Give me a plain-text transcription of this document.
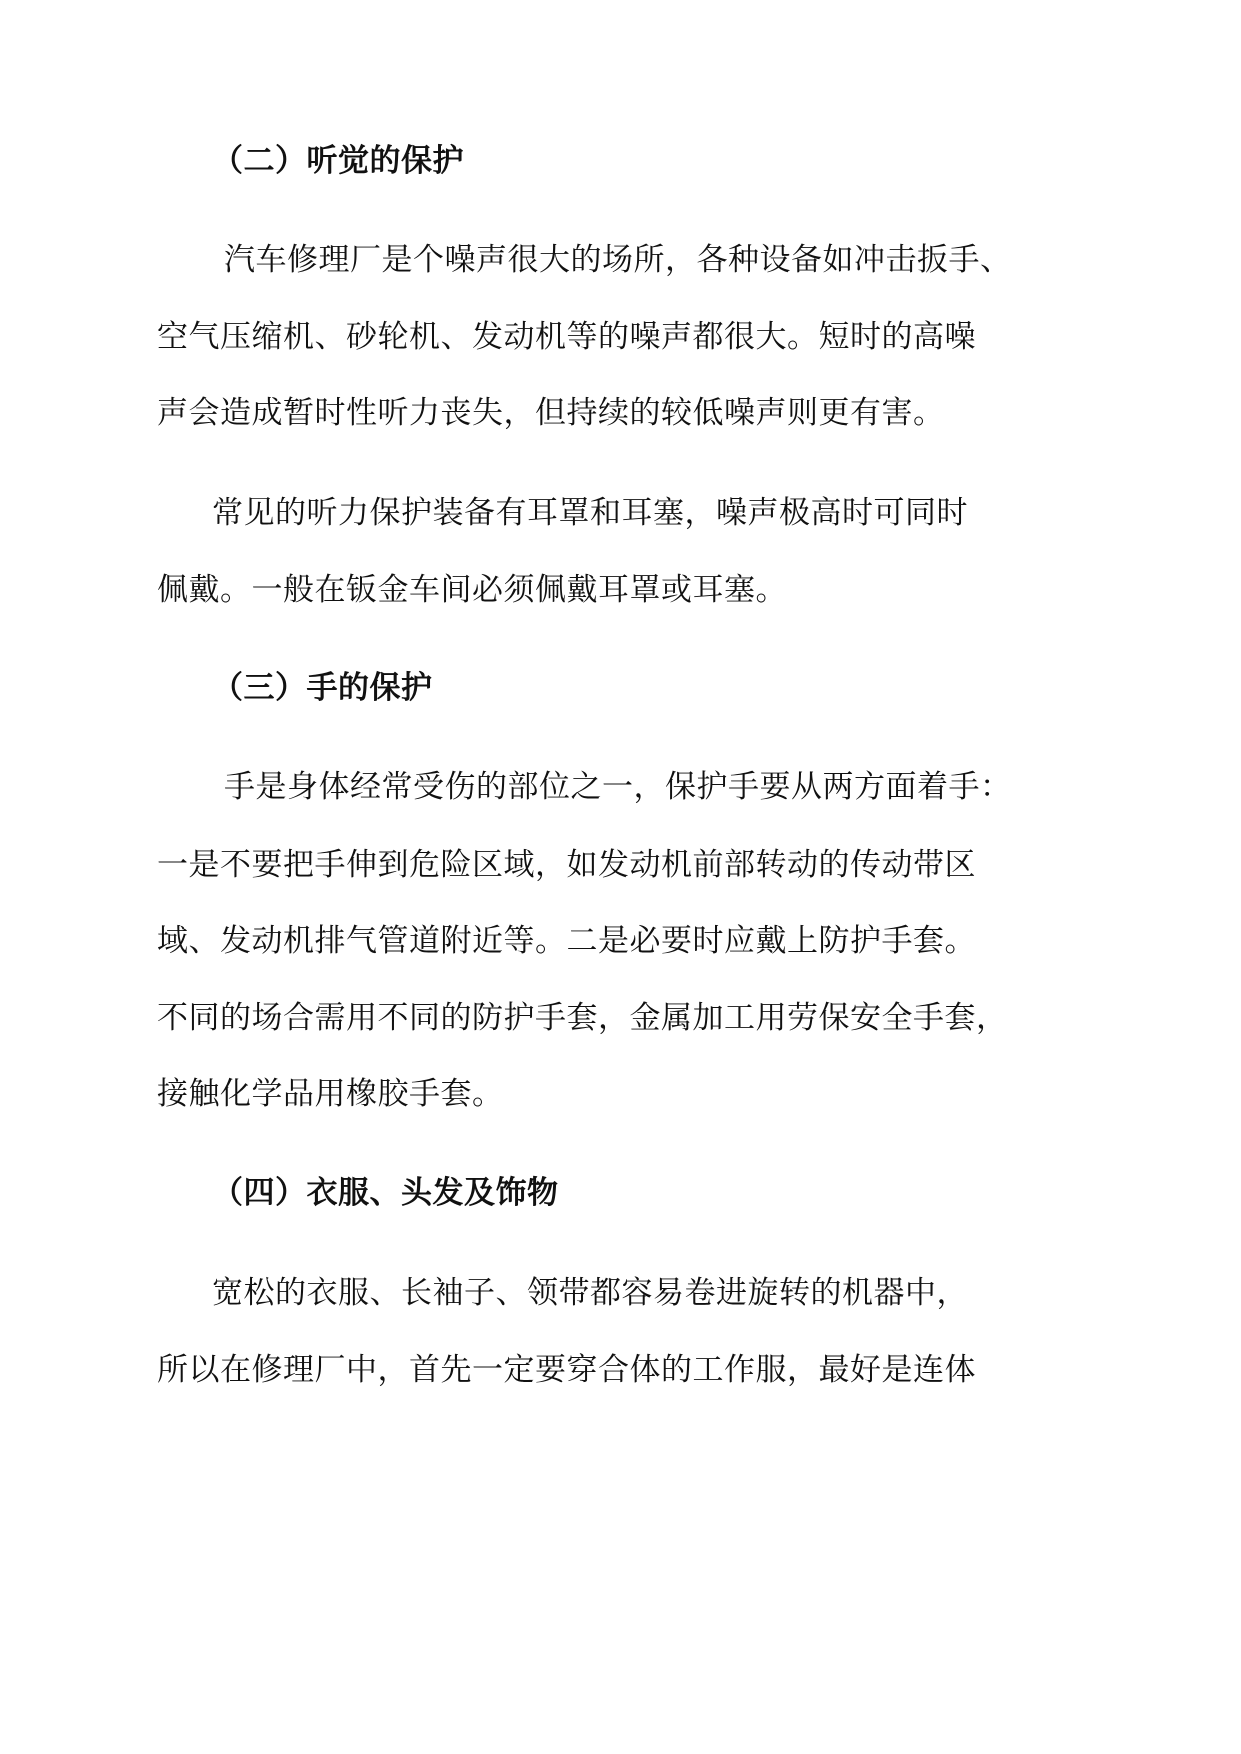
（二）听觉的保护
汽车修理厂是个噪声很大的场所，各种设备如冲击扳手、
空气压缩机、砂轮机、发动机等的噪声都很大。短时的高噪
声会造成暂时性听力丧失，但持续的较低噪声则更有害。
常见的听力保护装备有耳罩和耳塞，噪声极高时可同时
佩戴。一般在钣金车间必须佩戴耳罩或耳塞。
（三）手的保护
手是身体经常受伤的部位之一，保护手要从两方面着手：
一是不要把手伸到危险区域，如发动机前部转动的传动带区
域、发动机排气管道附近等。二是必要时应戴上防护手套。
不同的场合需用不同的防护手套，金属加工用劳保安全手套，
接触化学品用橡胶手套。
（四）衣服、头发及饰物
宽松的衣服、长袖子、领带都容易卷进旋转的机器中，
所以在修理厂中，首先一定要穿合体的工作服，最好是连体
